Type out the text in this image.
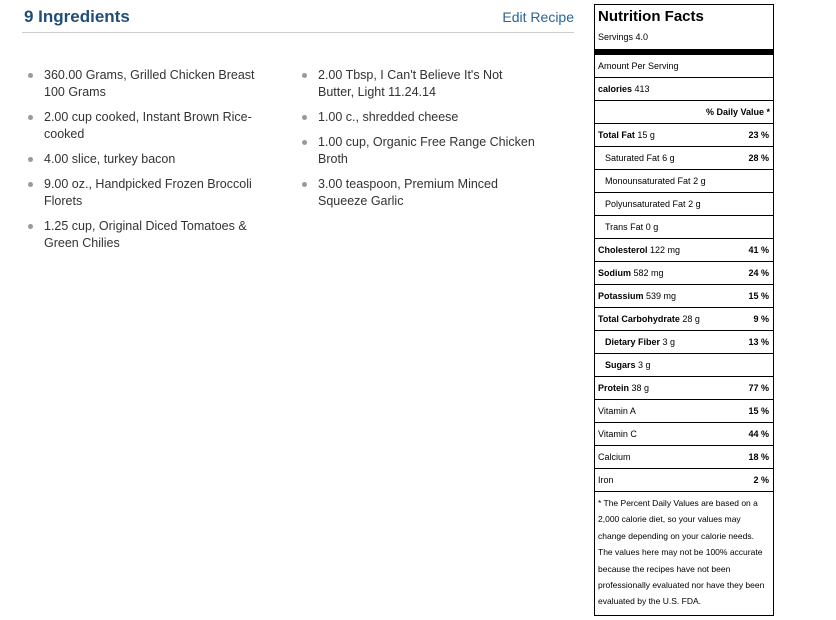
9 Ingredients	Edit Recipe
360.00 Grams, Grilled Chicken Breast 100 Grams
2.00 cup cooked, Instant Brown Rice-cooked
4.00 slice, turkey bacon
9.00 oz., Handpicked Frozen Broccoli Florets
1.25 cup, Original Diced Tomatoes & Green Chilies
2.00 Tbsp, I Can't Believe It's Not Butter, Light 11.24.14
1.00 c., shredded cheese
1.00 cup, Organic Free Range Chicken Broth
3.00 teaspoon, Premium Minced Squeeze Garlic
Nutrition Facts
Servings 4.0
Amount Per Serving
calories 413
% Daily Value *
Total Fat 15 g	23 %
Saturated Fat 6 g	28 %
Monounsaturated Fat 2 g
Polyunsaturated Fat 2 g
Trans Fat 0 g
Cholesterol 122 mg	41 %
Sodium 582 mg	24 %
Potassium 539 mg	15 %
Total Carbohydrate 28 g	9 %
Dietary Fiber 3 g	13 %
Sugars 3 g
Protein 38 g	77 %
Vitamin A	15 %
Vitamin C	44 %
Calcium	18 %
Iron	2 %
* The Percent Daily Values are based on a 2,000 calorie diet, so your values may change depending on your calorie needs. The values here may not be 100% accurate because the recipes have not been professionally evaluated nor have they been evaluated by the U.S. FDA.
